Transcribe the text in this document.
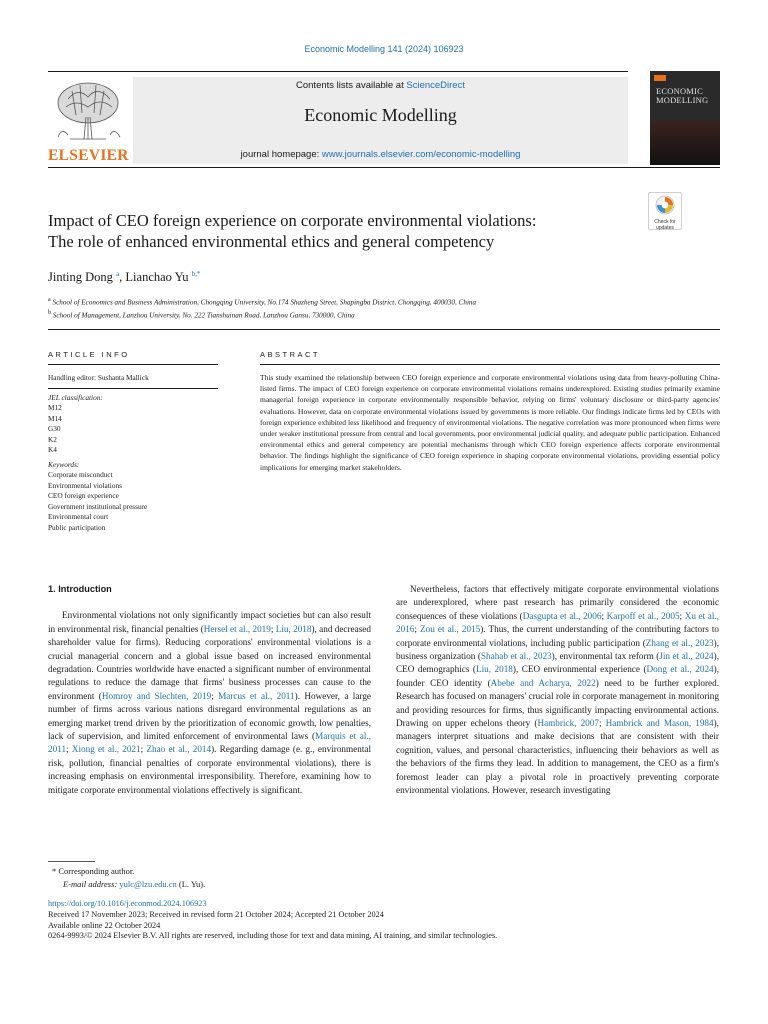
Economic Modelling 141 (2024) 106923
ELSEVIER
Contents lists available at ScienceDirect
Economic Modelling
journal homepage: www.journals.elsevier.com/economic-modelling
ECONOMIC
MODELLING
Impact of CEO foreign experience on corporate environmental violations:
The role of enhanced environmental ethics and general competency
Check for
updates
Jinting Dong $^a$, Lianchao Yu $^{b,*}$
$^a$ School of Economics and Business Administration, Chongqing University, No.174 Shazheng Street, Shapingba District, Chongqing, 400030, China
$^b$ School of Management, Lanzhou University, No. 222 Tianshuinan Road, Lanzhou Gansu, 730000, China
ARTICLE INFO	ABSTRACT
Handling editor: Sushanta Mallick
JEL classification:
M12
M14
G30
K2
K4
Keywords:
Corporate misconduct
Environmental violations
CEO foreign experience
Government institutional pressure
Environmental court
Public participation
This study examined the relationship between CEO foreign experience and corporate environmental violations using data from heavy-polluting China-listed firms. The impact of CEO foreign experience on corporate environmental violations remains underexplored. Existing studies primarily examine managerial foreign experience in corporate environmentally responsible behavior, relying on firms' voluntary disclosure or third-party agencies' evaluations. However, data on corporate environmental violations issued by governments is more reliable. Our findings indicate firms led by CEOs with foreign experience exhibited less likelihood and frequency of environmental violations. The negative correlation was more pronounced when firms were under weaker institutional pressure from central and local governments, poor environmental judicial quality, and adequate public participation. Enhanced environmental ethics and general competency are potential mechanisms through which CEO foreign experience affects corporate environmental behavior. The findings highlight the significance of CEO foreign experience in shaping corporate environmental violations, providing essential policy implications for emerging market stakeholders.
1. Introduction
Environmental violations not only significantly impact societies but can also result in environmental risk, financial penalties (Hersel et al., 2019; Liu, 2018), and decreased shareholder value for firms). Reducing corporations' environmental violations is a crucial managerial concern and a global issue based on increased environmental degradation. Countries worldwide have enacted a significant number of environmental regulations to reduce the damage that firms' business processes can cause to the environment (Homroy and Slechten, 2019; Marcus et al., 2011). However, a large number of firms across various nations disregard environmental regulations as an emerging market trend driven by the prioritization of economic growth, low penalties, lack of supervision, and limited enforcement of environmental laws (Marquis et al., 2011; Xiong et al., 2021; Zhao et al., 2014). Regarding damage (e. g., environmental risk, pollution, financial penalties of corporate environmental violations), there is increasing emphasis on environmental irresponsibility. Therefore, examining how to mitigate corporate environmental violations effectively is significant.
Nevertheless, factors that effectively mitigate corporate environmental violations are underexplored, where past research has primarily considered the economic consequences of these violations (Dasgupta et al., 2006; Karpoff et al., 2005; Xu et al., 2016; Zou et al., 2015). Thus, the current understanding of the contributing factors to corporate environmental violations, including public participation (Zhang et al., 2023), business organization (Shahab et al., 2023), environmental tax reform (Jin et al., 2024), CEO demographics (Liu, 2018), CEO environmental experience (Dong et al., 2024), founder CEO identity (Abebe and Acharya, 2022) need to be further explored. Research has focused on managers' crucial role in corporate management in monitoring and providing resources for firms, thus significantly impacting environmental actions. Drawing on upper echelons theory (Hambrick, 2007; Hambrick and Mason, 1984), managers interpret situations and make decisions that are consistent with their cognition, values, and personal characteristics, influencing their behaviors as well as the behaviors of the firms they lead. In addition to management, the CEO as a firm's foremost leader can play a pivotal role in proactively preventing corporate environmental violations. However, research investigating
* Corresponding author.
E-mail address: yulc@lzu.edu.cn (L. Yu).
https://doi.org/10.1016/j.econmod.2024.106923
Received 17 November 2023; Received in revised form 21 October 2024; Accepted 21 October 2024
Available online 22 October 2024
0264-9993/© 2024 Elsevier B.V. All rights are reserved, including those for text and data mining, AI training, and similar technologies.
